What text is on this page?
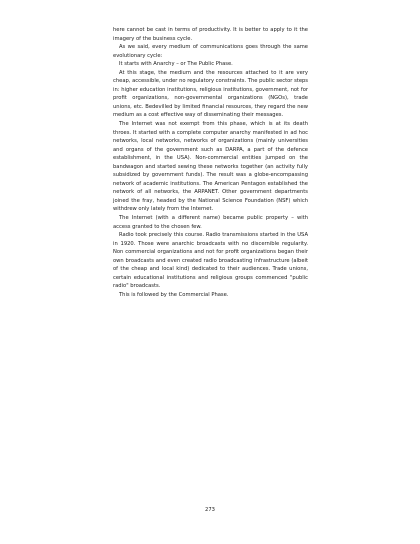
here cannot be cast in terms of productivity. It is better to apply to it the imagery of the business cycle.

As we said, every medium of communications goes through the same evolutionary cycle:

It starts with Anarchy – or The Public Phase.

At this stage, the medium and the resources attached to it are very cheap, accessible, under no regulatory constraints. The public sector steps in: higher education institutions, religious institutions, government, not for profit organizations, non-governmental organizations (NGOs), trade unions, etc. Bedevilled by limited financial resources, they regard the new medium as a cost effective way of disseminating their messages.

The Internet was not exempt from this phase, which is at its death throes. It started with a complete computer anarchy manifested in ad hoc networks, local networks, networks of organizations (mainly universities and organs of the government such as DARPA, a part of the defence establishment, in the USA). Non-commercial entities jumped on the bandwagon and started sewing these networks together (an activity fully subsidized by government funds). The result was a globe-encompassing network of academic institutions. The American Pentagon established the network of all networks, the ARPANET. Other government departments joined the fray, headed by the National Science Foundation (NSF) which withdrew only lately from the Internet.

The Internet (with a different name) became public property – with access granted to the chosen few.

Radio took precisely this course. Radio transmissions started in the USA in 1920. Those were anarchic broadcasts with no discernible regularity. Non commercial organizations and not for profit organizations began their own broadcasts and even created radio broadcasting infrastructure (albeit of the cheap and local kind) dedicated to their audiences. Trade unions, certain educational institutions and religious groups commenced "public radio" broadcasts.

This is followed by the Commercial Phase.

273
